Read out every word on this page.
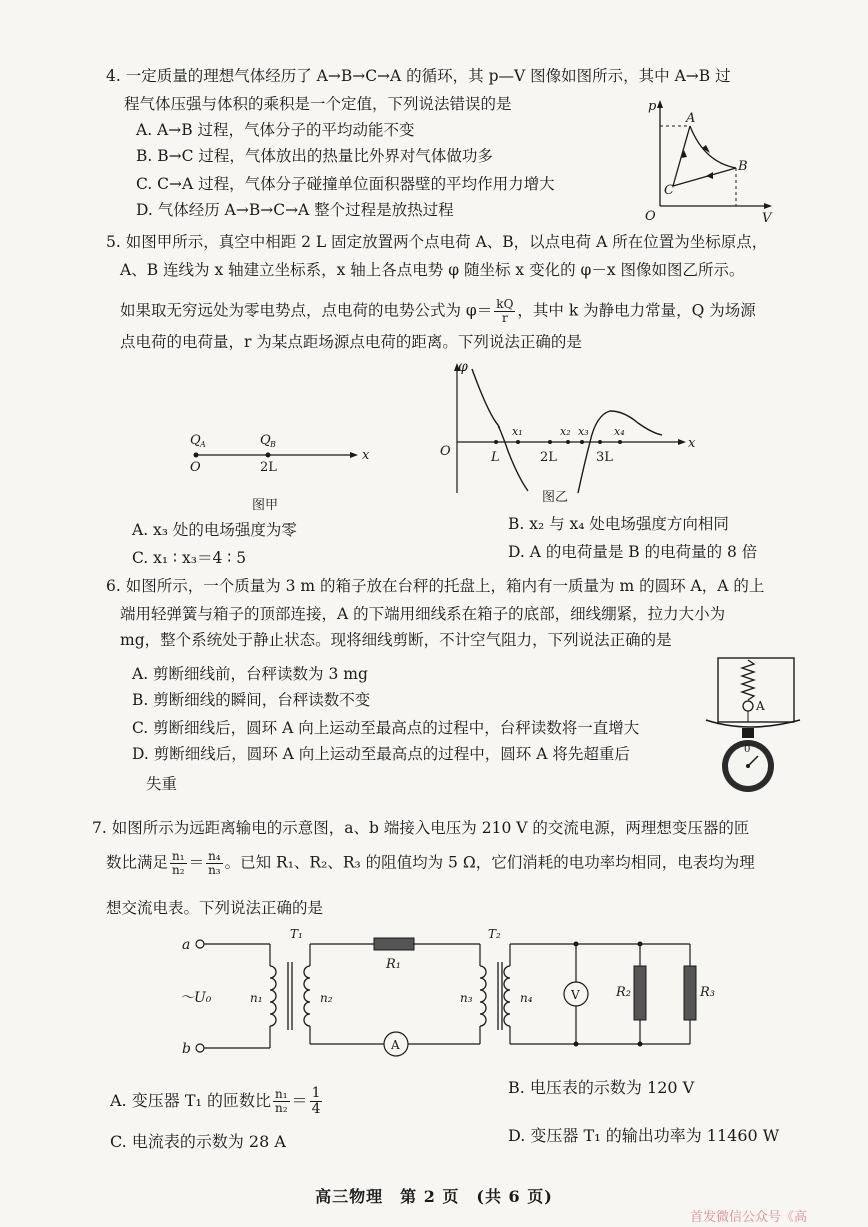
4. 一定质量的理想气体经历了 A→B→C→A 的循环，其 p—V 图像如图所示，其中 A→B 过
程气体压强与体积的乘积是一个定值，下列说法错误的是
A. A→B 过程，气体分子的平均动能不变
B. B→C 过程，气体放出的热量比外界对气体做功多
C. C→A 过程，气体分子碰撞单位面积器壁的平均作用力增大
D. 气体经历 A→B→C→A 整个过程是放热过程
p
V
O
A
B
C
5. 如图甲所示，真空中相距 2 L 固定放置两个点电荷 A、B，以点电荷 A 所在位置为坐标原点，
A、B 连线为 x 轴建立坐标系，x 轴上各点电势 φ 随坐标 x 变化的 φ－x 图像如图乙所示。
如果取无穷远处为零电势点，点电荷的电势公式为 $\varphi= \frac{kQ}{r}$ ，其中 k 为静电力常量，Q 为场源
点电荷的电荷量，r 为某点距场源点电荷的距离。下列说法正确的是
Q A	Q B
O	2L
x
图甲
φ
O
x
L	2L	3L
x₁	x₂ x₃ x₄
图乙
A. x₃ 处的电场强度为零	B. x₂ 与 x₄ 处电场强度方向相同
C. x₁ ∶ x₃＝4 ∶ 5	D. A 的电荷量是 B 的电荷量的 8 倍
6. 如图所示，一个质量为 3 m 的箱子放在台秤的托盘上，箱内有一质量为 m 的圆环 A，A 的上
端用轻弹簧与箱子的顶部连接，A 的下端用细线系在箱子的底部，细线绷紧，拉力大小为
mg，整个系统处于静止状态。现将细线剪断，不计空气阻力，下列说法正确的是
A. 剪断细线前，台秤读数为 3 mg
B. 剪断细线的瞬间，台秤读数不变
C. 剪断细线后，圆环 A 向上运动至最高点的过程中，台秤读数将一直增大
D. 剪断细线后，圆环 A 向上运动至最高点的过程中，圆环 A 将先超重后
失重
A
0
7. 如图所示为远距离输电的示意图，a、b 端接入电压为 210 V 的交流电源，两理想变压器的匝
数比满足 $\frac{\text{n₁}}{\text{n₂}} = \frac{\text{n₄}}{\text{n₃}}$ 。已知 R₁、R₂、R₃ 的阻值均为 5 Ω，它们消耗的电功率均相同，电表均为理
想交流电表。下列说法正确的是
a
b
～U₀
T₁	T₂
n₁	n₂	n₃	n₄
R₁
R₂	R₃
V
A
A. 变压器 T₁ 的匝数比 $\frac{\text{n₁}}{\text{n₂}} = \frac{1}{4}$	B. 电压表的示数为 120 V
C. 电流表的示数为 28 A	D. 变压器 T₁ 的输出功率为 11460 W
高三物理　第 2 页　(共 6 页)
首发微信公众号《高
